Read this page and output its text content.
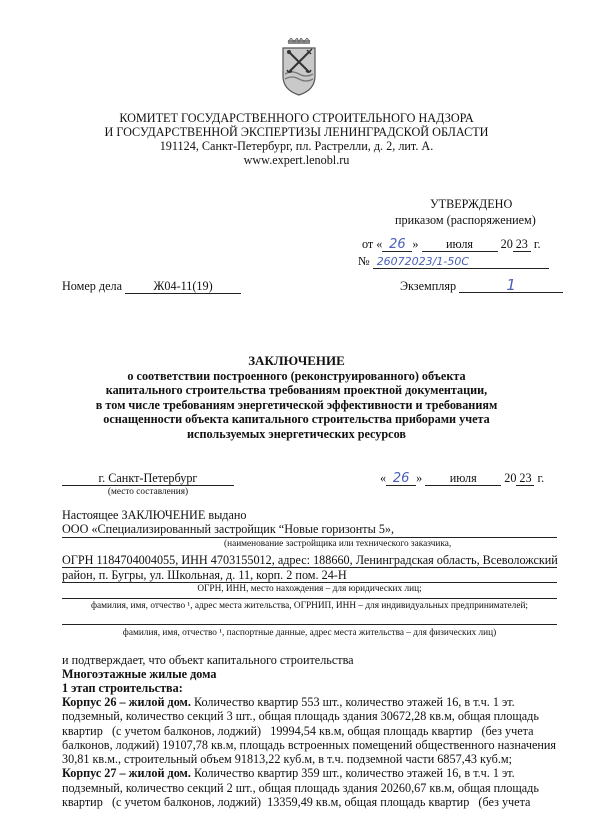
КОМИТЕТ ГОСУДАРСТВЕННОГО СТРОИТЕЛЬНОГО НАДЗОРА
И ГОСУДАРСТВЕННОЙ ЭКСПЕРТИЗЫ ЛЕНИНГРАДСКОЙ ОБЛАСТИ
191124, Санкт-Петербург, пл. Растрелли, д. 2, лит. А.
www.expert.lenobl.ru
УТВЕРЖДЕНО
приказом (распоряжением)
от « 26 » июля 20 23 г.
№ 26072023/1-50С
Номер дела	Ж04-11(19)	Экземпляр	1
ЗАКЛЮЧЕНИЕ
о соответствии построенного (реконструированного) объекта
капитального строительства требованиям проектной документации,
в том числе требованиям энергетической эффективности и требованиям
оснащенности объекта капитального строительства приборами учета
используемых энергетических ресурсов
г. Санкт-Петербург
(место составления)
« 26 » июля 20 23 г.
Настоящее ЗАКЛЮЧЕНИЕ выдано
ООО «Специализированный застройщик “Новые горизонты 5»,
(наименование застройщика или технического заказчика,
ОГРН 1184704004055, ИНН 4703155012, адрес: 188660, Ленинградская область, Всеволожский
район, п. Бугры, ул. Школьная, д. 11, корп. 2 пом. 24-Н
ОГРН, ИНН, место нахождения – для юридических лиц;
фамилия, имя, отчество ¹, адрес места жительства, ОГРНИП, ИНН – для индивидуальных предпринимателей;
фамилия, имя, отчество ¹, паспортные данные, адрес места жительства – для физических лиц)
и подтверждает, что объект капитального строительства
Многоэтажные жилые дома
1 этап строительства:
Корпус 26 – жилой дом. Количество квартир 553 шт., количество этажей 16, в т.ч. 1 эт.
подземный, количество секций 3 шт., общая площадь здания 30672,28 кв.м, общая площадь
квартир   (с учетом балконов, лоджий)   19994,54 кв.м, общая площадь квартир   (без учета
балконов, лоджий) 19107,78 кв.м, площадь встроенных помещений общественного назначения
30,81 кв.м., строительный объем 91813,22 куб.м, в т.ч. подземной части 6857,43 куб.м;
Корпус 27 – жилой дом. Количество квартир 359 шт., количество этажей 16, в т.ч. 1 эт.
подземный, количество секций 2 шт., общая площадь здания 20260,67 кв.м, общая площадь
квартир   (с учетом балконов, лоджий)  13359,49 кв.м, общая площадь квартир   (без учета
